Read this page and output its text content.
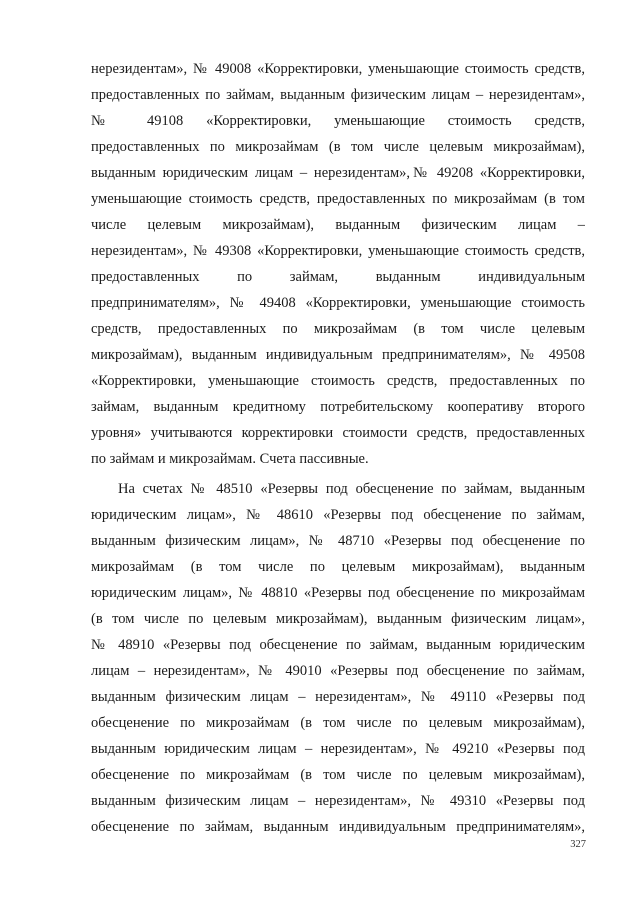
нерезидентам», № 49008 «Корректировки, уменьшающие стоимость средств,
предоставленных по займам, выданным физическим лицам – нерезидентам»,
№ 49108 «Корректировки, уменьшающие стоимость средств,
предоставленных по микрозаймам (в том числе целевым микрозаймам),
выданным юридическим лицам – нерезидентам»,№ 49208 «Корректировки,
уменьшающие стоимость средств, предоставленных по микрозаймам (в том
числе целевым микрозаймам), выданным физическим лицам –
нерезидентам», № 49308 «Корректировки, уменьшающие стоимость средств,
предоставленных по займам, выданным индивидуальным
предпринимателям», № 49408 «Корректировки, уменьшающие стоимость
средств, предоставленных по микрозаймам (в том числе целевым
микрозаймам), выданным индивидуальным предпринимателям», № 49508
«Корректировки, уменьшающие стоимость средств, предоставленных по
займам, выданным кредитному потребительскому кооперативу второго
уровня» учитываются корректировки стоимости средств, предоставленных
по займам и микрозаймам. Счета пассивные.
На счетах № 48510 «Резервы под обесценение по займам, выданным
юридическим лицам», № 48610 «Резервы под обесценение по займам,
выданным физическим лицам», № 48710 «Резервы под обесценение по
микрозаймам (в том числе по целевым микрозаймам), выданным
юридическим лицам», № 48810 «Резервы под обесценение по микрозаймам
(в том числе по целевым микрозаймам), выданным физическим лицам»,
№ 48910 «Резервы под обесценение по займам, выданным юридическим
лицам – нерезидентам», № 49010 «Резервы под обесценение по займам,
выданным физическим лицам – нерезидентам», № 49110 «Резервы под
обесценение по микрозаймам (в том числе по целевым микрозаймам),
выданным юридическим лицам – нерезидентам», № 49210 «Резервы под
обесценение по микрозаймам (в том числе по целевым микрозаймам),
выданным физическим лицам – нерезидентам», № 49310 «Резервы под
обесценение по займам, выданным индивидуальным предпринимателям»,
327
